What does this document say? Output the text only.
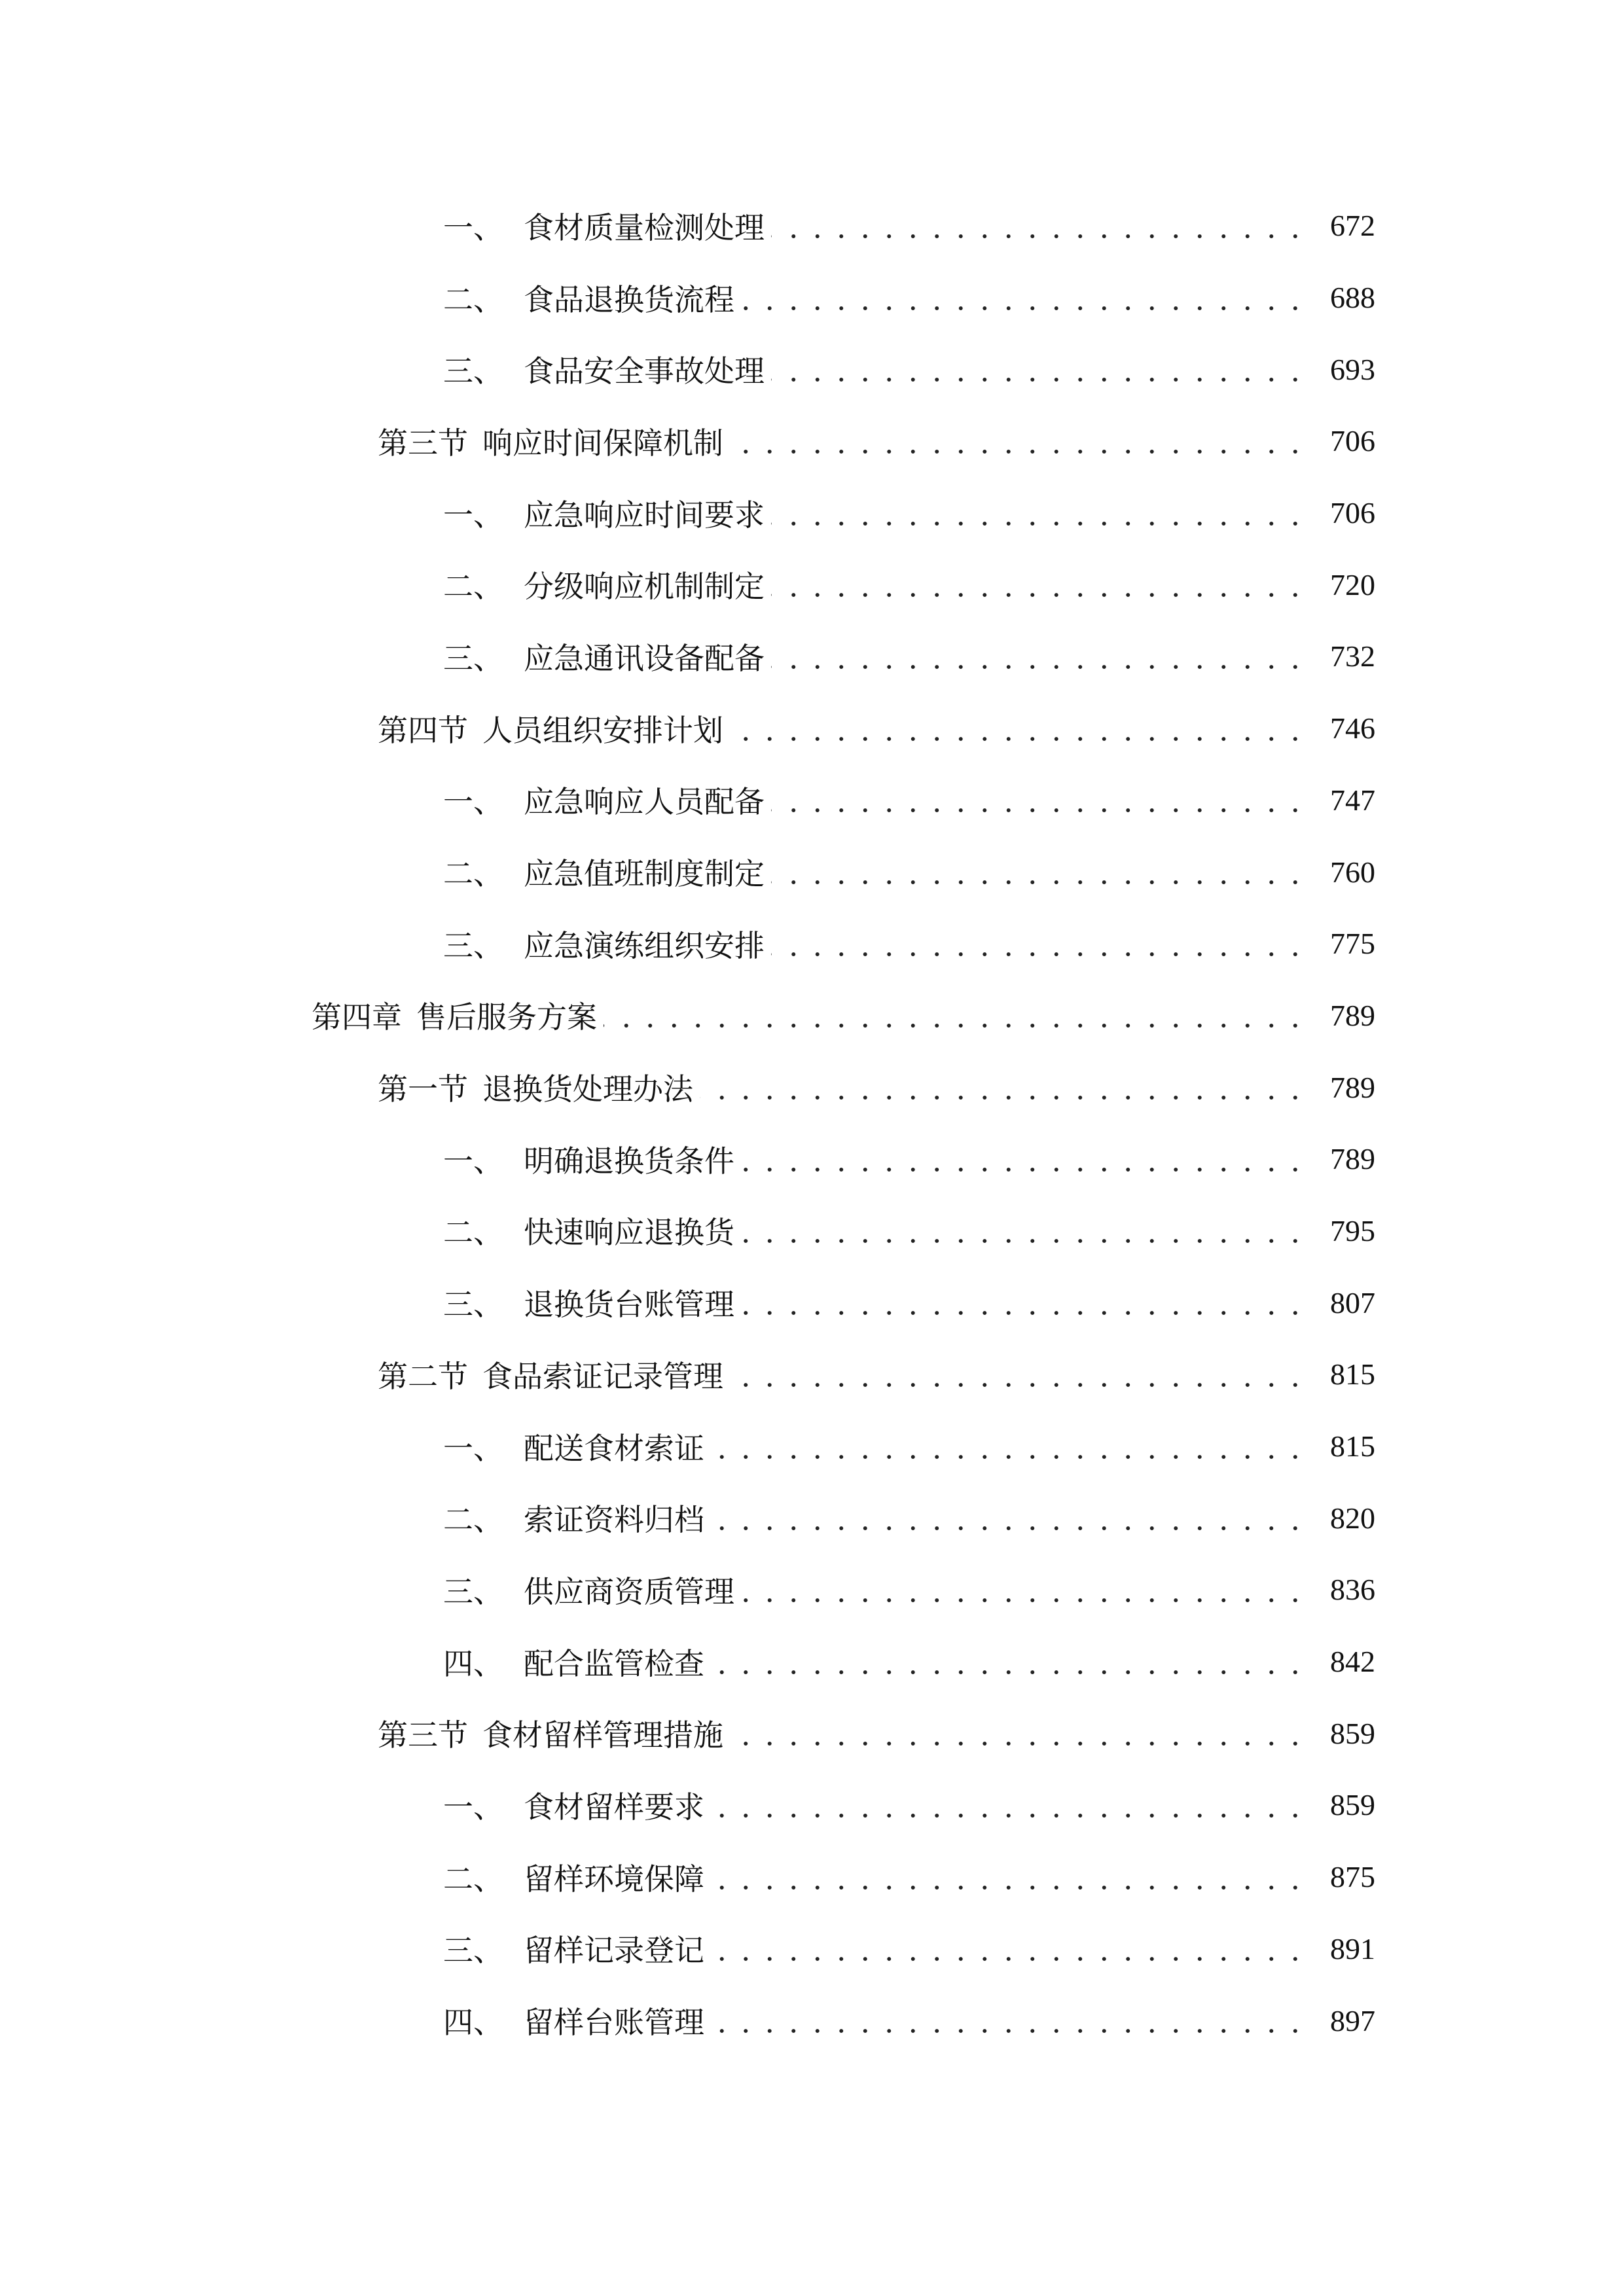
一、 食材质量检测处理	672
二、 食品退换货流程	688
三、 食品安全事故处理	693
第三节 响应时间保障机制	706
一、 应急响应时间要求	706
二、 分级响应机制制定	720
三、 应急通讯设备配备	732
第四节 人员组织安排计划	746
一、 应急响应人员配备	747
二、 应急值班制度制定	760
三、 应急演练组织安排	775
第四章 售后服务方案	789
第一节 退换货处理办法	789
一、 明确退换货条件	789
二、 快速响应退换货	795
三、 退换货台账管理	807
第二节 食品索证记录管理	815
一、 配送食材索证	815
二、 索证资料归档	820
三、 供应商资质管理	836
四、 配合监管检查	842
第三节 食材留样管理措施	859
一、 食材留样要求	859
二、 留样环境保障	875
三、 留样记录登记	891
四、 留样台账管理	897
